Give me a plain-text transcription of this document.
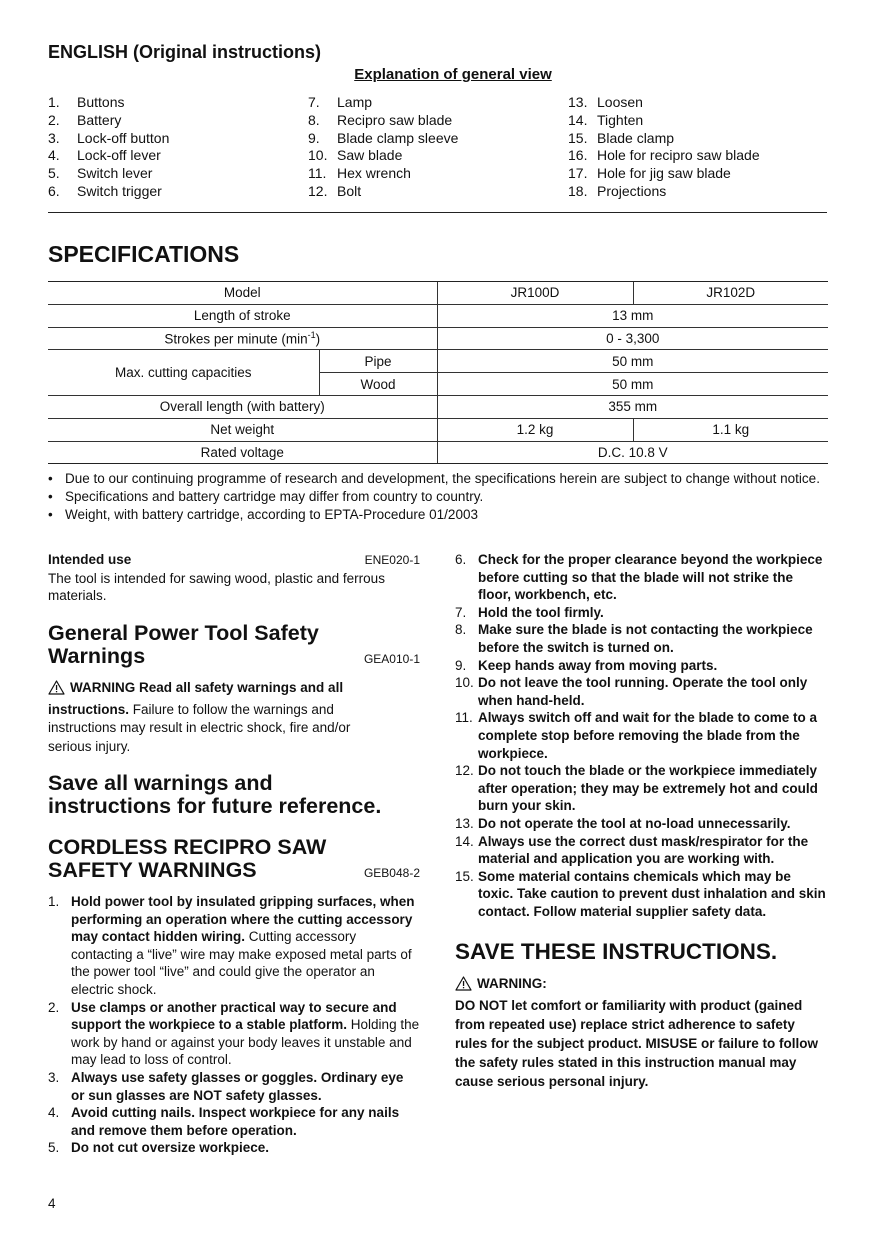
ENGLISH (Original instructions)
Explanation of general view
1.	Buttons
2.	Battery
3.	Lock-off button
4.	Lock-off lever
5.	Switch lever
6.	Switch trigger
7.	Lamp
8.	Recipro saw blade
9.	Blade clamp sleeve
10. Saw blade
11. Hex wrench
12. Bolt
13. Loosen
14. Tighten
15. Blade clamp
16. Hole for recipro saw blade
17. Hole for jig saw blade
18. Projections
SPECIFICATIONS
Model		JR100D	JR102D
Length of stroke		13 mm	
Strokes per minute $(\min^{-1})$		0 - 3,300	
Max. cutting capacities	Pipe	50 mm	
	Wood	50 mm	
Overall length (with battery)		355 mm	
Net weight		1.2 kg	1.1 kg
Rated voltage		D.C. 10.8 V	
• Due to our continuing programme of research and development, the specifications herein are subject to change without notice.
• Specifications and battery cartridge may differ from country to country.
• Weight, with battery cartridge, according to EPTA-Procedure 01/2003
Intended use	ENE020-1
The tool is intended for sawing wood, plastic and ferrous materials.
General Power Tool Safety
Warnings	GEA010-1
WARNING Read all safety warnings and all instructions. Failure to follow the warnings and instructions may result in electric shock, fire and/or serious injury.
Save all warnings and
instructions for future reference.
CORDLESS RECIPRO SAW
SAFETY WARNINGS	GEB048-2
1. Hold power tool by insulated gripping surfaces, when performing an operation where the cutting accessory may contact hidden wiring. Cutting accessory contacting a “live” wire may make exposed metal parts of the power tool “live” and could give the operator an electric shock.
2. Use clamps or another practical way to secure and support the workpiece to a stable platform. Holding the work by hand or against your body leaves it unstable and may lead to loss of control.
3. Always use safety glasses or goggles. Ordinary eye or sun glasses are NOT safety glasses.
4. Avoid cutting nails. Inspect workpiece for any nails and remove them before operation.
5. Do not cut oversize workpiece.
6. Check for the proper clearance beyond the workpiece before cutting so that the blade will not strike the floor, workbench, etc.
7. Hold the tool firmly.
8. Make sure the blade is not contacting the workpiece before the switch is turned on.
9. Keep hands away from moving parts.
10. Do not leave the tool running. Operate the tool only when hand-held.
11. Always switch off and wait for the blade to come to a complete stop before removing the blade from the workpiece.
12. Do not touch the blade or the workpiece immediately after operation; they may be extremely hot and could burn your skin.
13. Do not operate the tool at no-load unnecessarily.
14. Always use the correct dust mask/respirator for the material and application you are working with.
15. Some material contains chemicals which may be toxic. Take caution to prevent dust inhalation and skin contact. Follow material supplier safety data.
SAVE THESE INSTRUCTIONS.
WARNING:
DO NOT let comfort or familiarity with product (gained from repeated use) replace strict adherence to safety rules for the subject product. MISUSE or failure to follow the safety rules stated in this instruction manual may cause serious personal injury.
4
